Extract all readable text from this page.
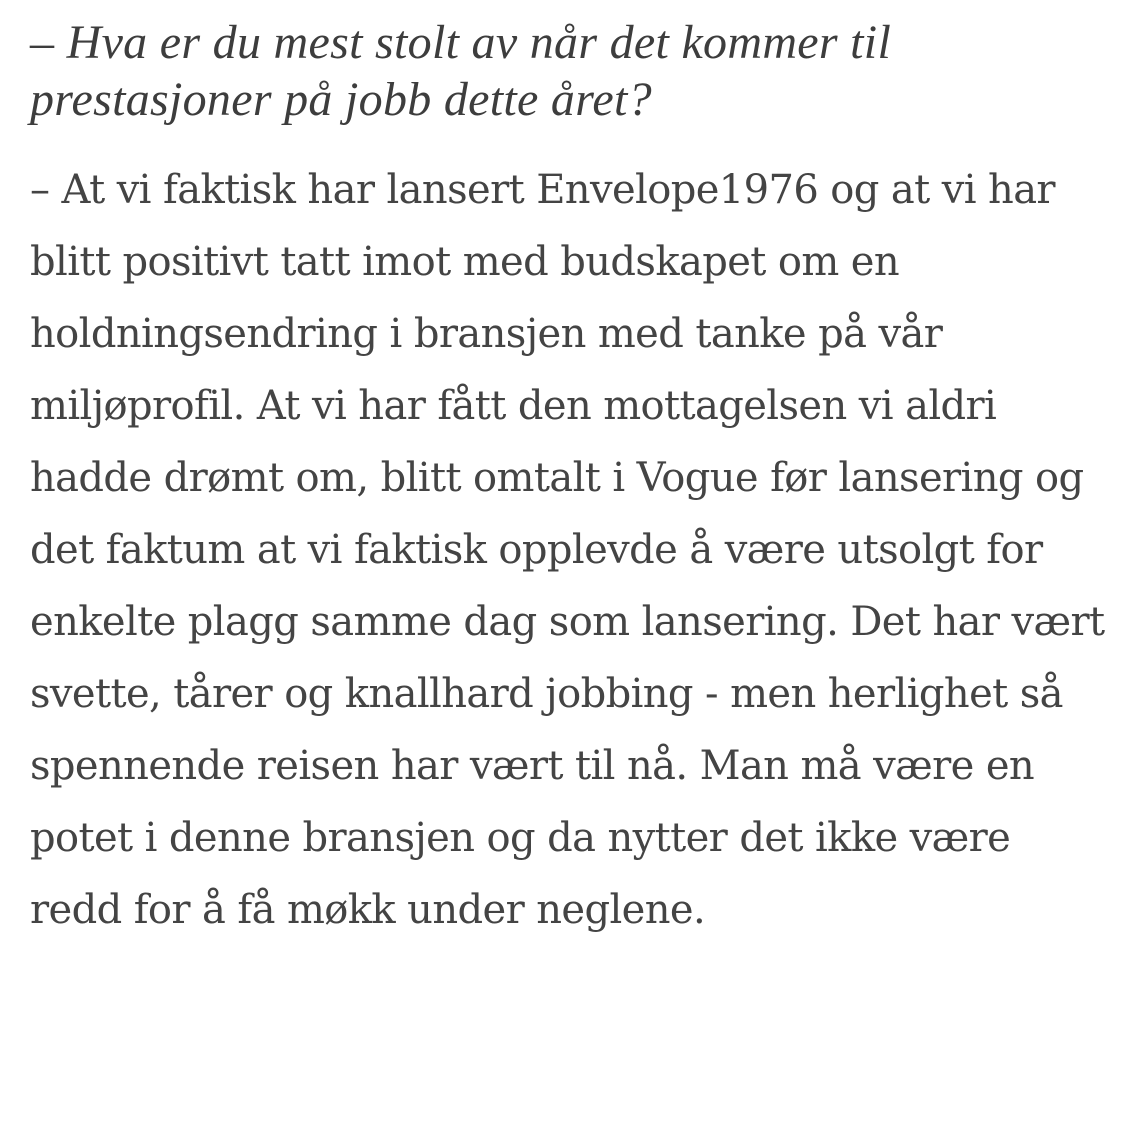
– Hva er du mest stolt av når det kommer til prestasjoner på jobb dette året?

– At vi faktisk har lansert Envelope1976 og at vi har blitt positivt tatt imot med budskapet om en holdningsendring i bransjen med tanke på vår miljøprofil. At vi har fått den mottagelsen vi aldri hadde drømt om, blitt omtalt i Vogue før lansering og det faktum at vi faktisk opplevde å være utsolgt for enkelte plagg samme dag som lansering. Det har vært svette, tårer og knallhard jobbing - men herlighet så spennende reisen har vært til nå. Man må være en potet i denne bransjen og da nytter det ikke være redd for å få møkk under neglene.
